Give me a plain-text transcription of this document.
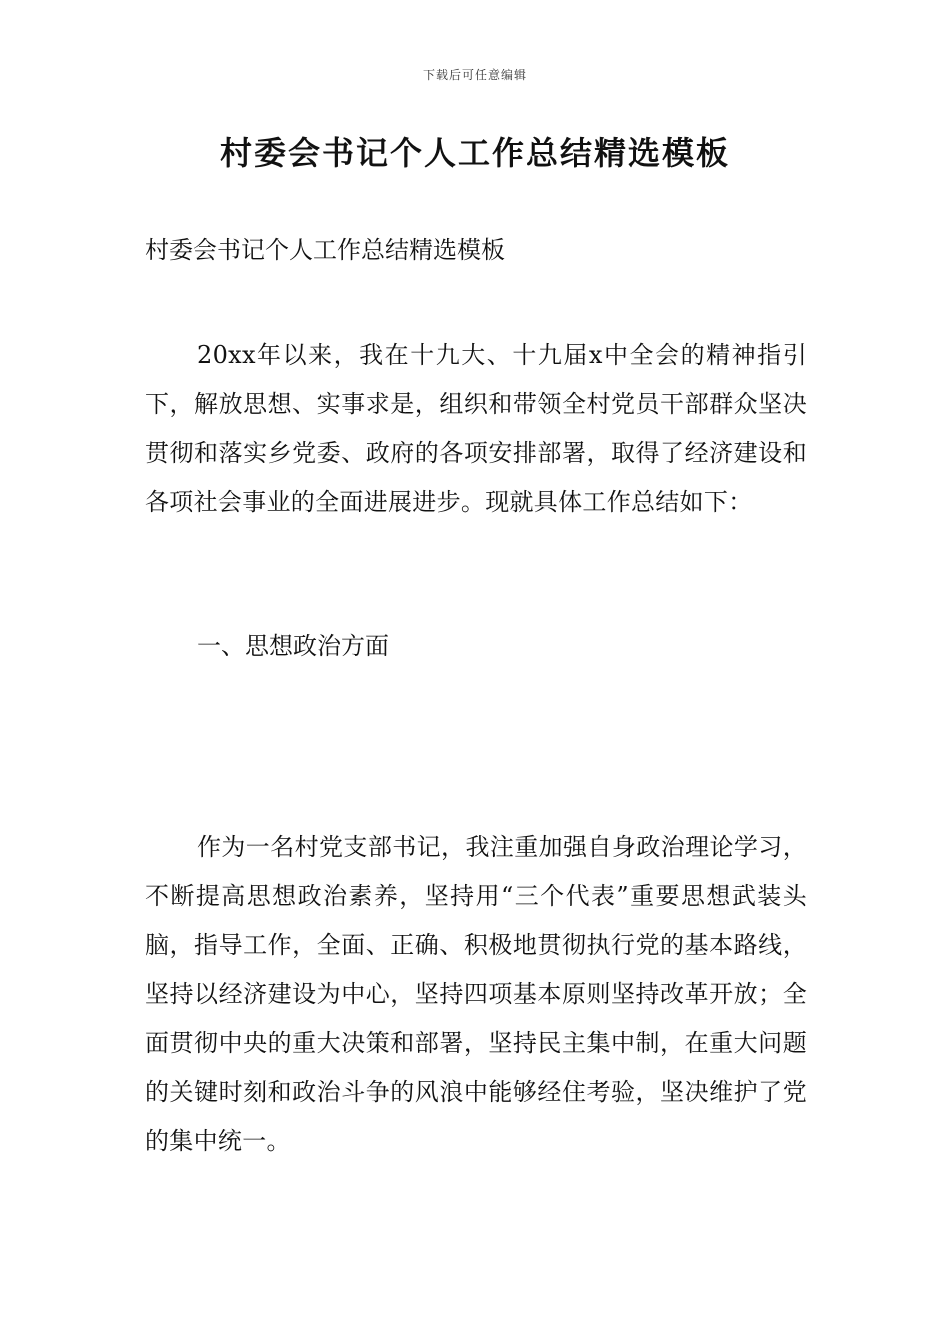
下载后可任意编辑
村委会书记个人工作总结精选模板

村委会书记个人工作总结精选模板

20xx年以来，我在十九大、十九届x中全会的精神指引下，解放思想、实事求是，组织和带领全村党员干部群众坚决贯彻和落实乡党委、政府的各项安排部署，取得了经济建设和各项社会事业的全面进展进步。现就具体工作总结如下：

一、思想政治方面

作为一名村党支部书记，我注重加强自身政治理论学习，不断提高思想政治素养，坚持用“三个代表”重要思想武装头脑，指导工作，全面、正确、积极地贯彻执行党的基本路线，坚持以经济建设为中心，坚持四项基本原则坚持改革开放；全面贯彻中央的重大决策和部署，坚持民主集中制，在重大问题的关键时刻和政治斗争的风浪中能够经住考验，坚决维护了党的集中统一。
